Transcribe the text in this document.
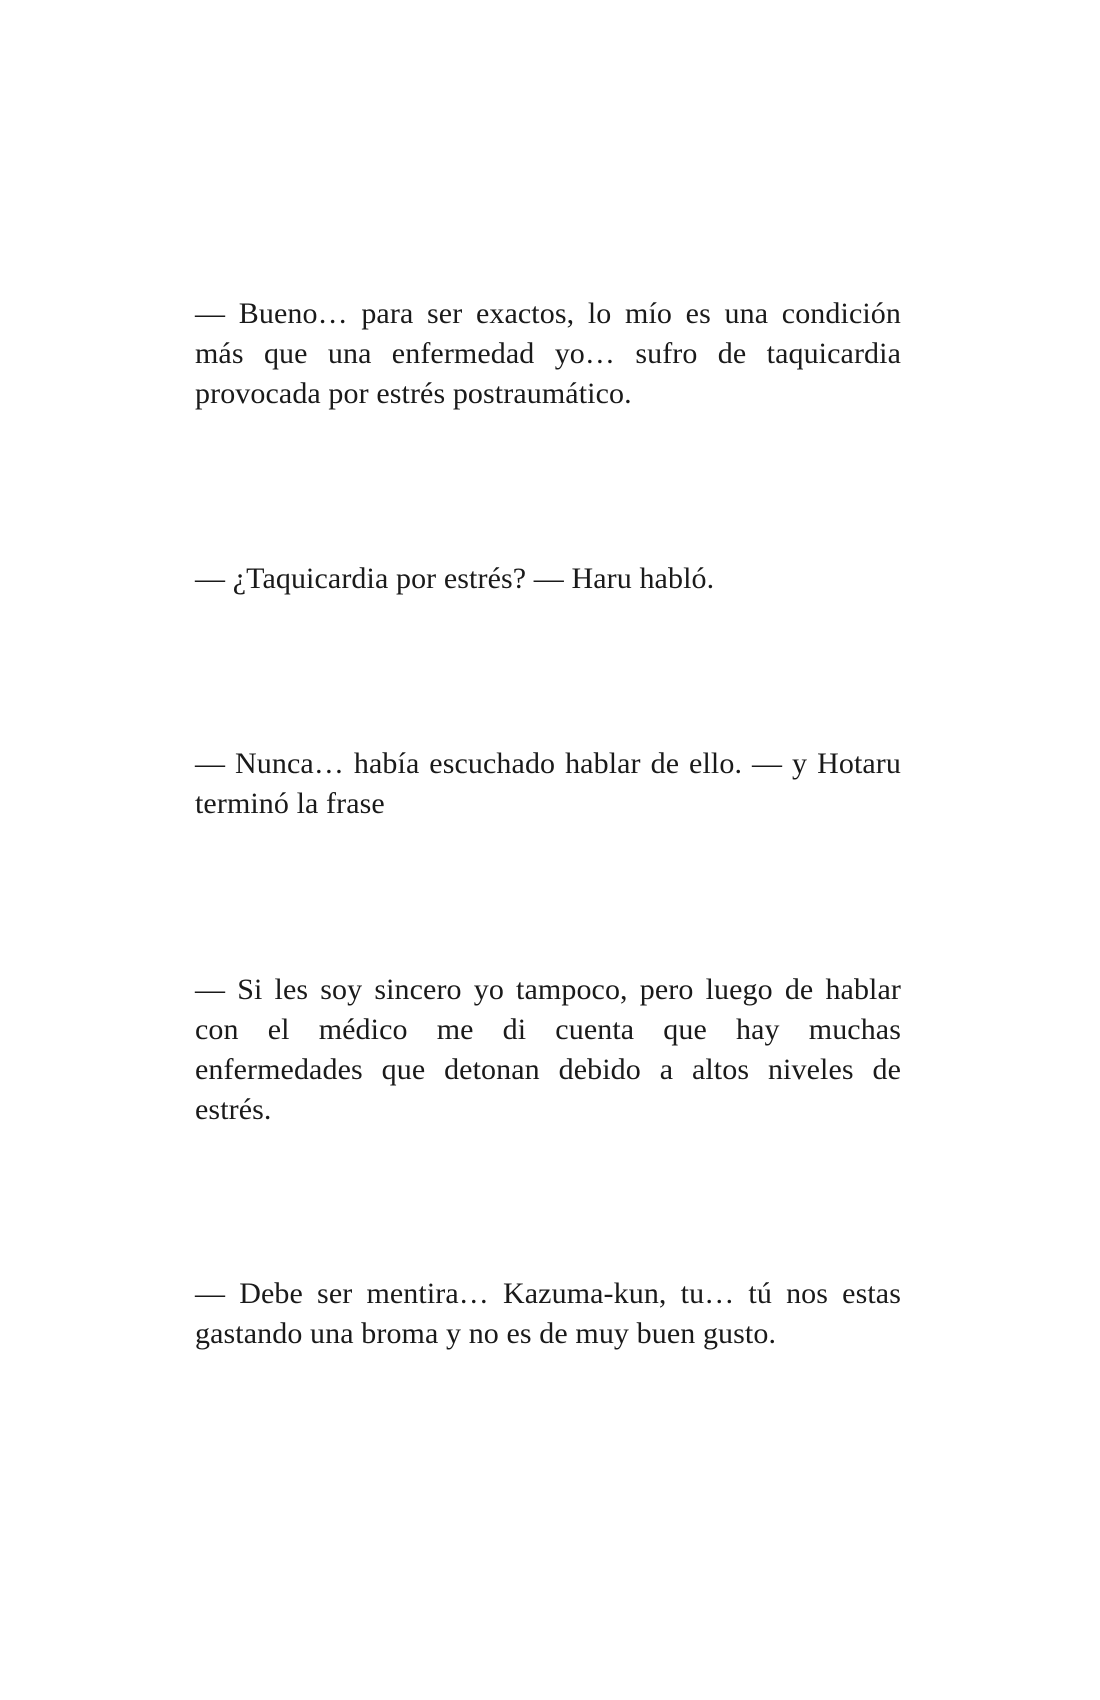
— Bueno… para ser exactos, lo mío es una condición más que una enfermedad yo… sufro de taquicardia provocada por estrés postraumático.

— ¿Taquicardia por estrés? — Haru habló.

— Nunca… había escuchado hablar de ello. — y Hotaru terminó la frase

— Si les soy sincero yo tampoco, pero luego de hablar con el médico me di cuenta que hay muchas enfermedades que detonan debido a altos niveles de estrés.

— Debe ser mentira… Kazuma-kun, tu… tú nos estas gastando una broma y no es de muy buen gusto.
